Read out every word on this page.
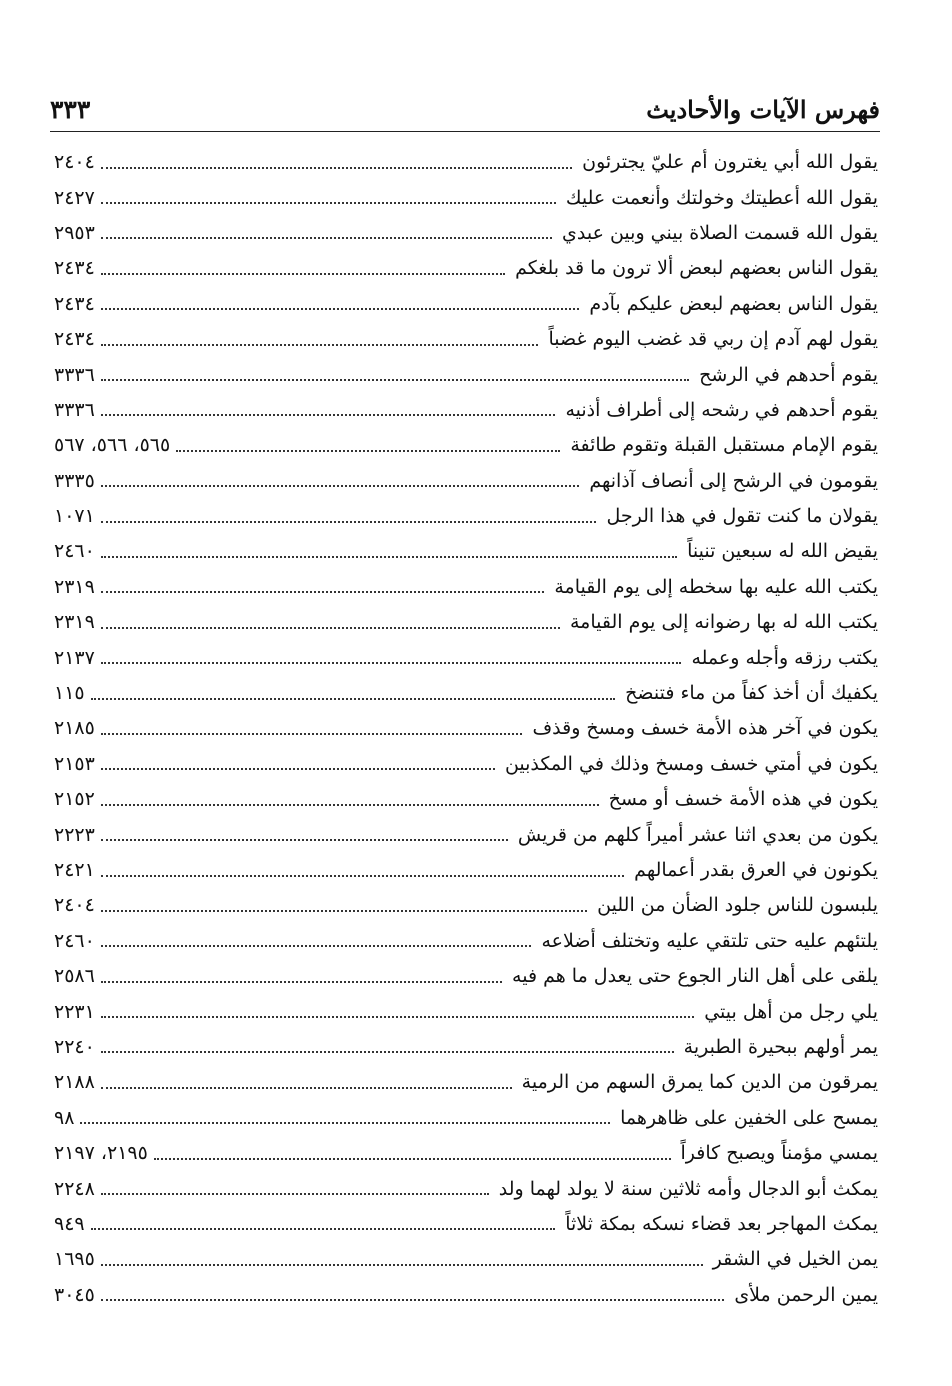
فهرس الآيات والأحاديث
٣٣٣
يقول الله أبي يغترون أم عليّ يجترئون
٢٤٠٤
يقول الله أعطيتك وخولتك وأنعمت عليك
٢٤٢٧
يقول الله قسمت الصلاة بيني وبين عبدي
٢٩٥٣
يقول الناس بعضهم لبعض ألا ترون ما قد بلغكم
٢٤٣٤
يقول الناس بعضهم لبعض عليكم بآدم
٢٤٣٤
يقول لهم آدم إن ربي قد غضب اليوم غضباً
٢٤٣٤
يقوم أحدهم في الرشح
٣٣٣٦
يقوم أحدهم في رشحه إلى أطراف أذنيه
٣٣٣٦
يقوم الإمام مستقبل القبلة وتقوم طائفة
٥٦٥، ٥٦٦، ٥٦٧
يقومون في الرشح إلى أنصاف آذانهم
٣٣٣٥
يقولان ما كنت تقول في هذا الرجل
١٠٧١
يقيض الله له سبعين تنيناً
٢٤٦٠
يكتب الله عليه بها سخطه إلى يوم القيامة
٢٣١٩
يكتب الله له بها رضوانه إلى يوم القيامة
٢٣١٩
يكتب رزقه وأجله وعمله
٢١٣٧
يكفيك أن أخذ كفاً من ماء فتنضخ
١١٥
يكون في آخر هذه الأمة خسف ومسخ وقذف
٢١٨٥
يكون في أمتي خسف ومسخ وذلك في المكذبين
٢١٥٣
يكون في هذه الأمة خسف أو مسخ
٢١٥٢
يكون من بعدي اثنا عشر أميراً كلهم من قريش
٢٢٢٣
يكونون في العرق بقدر أعمالهم
٢٤٢١
يلبسون للناس جلود الضأن من اللين
٢٤٠٤
يلتئهم عليه حتى تلتقي عليه وتختلف أضلاعه
٢٤٦٠
يلقى على أهل النار الجوع حتى يعدل ما هم فيه
٢٥٨٦
يلي رجل من أهل بيتي
٢٢٣١
يمر أولهم ببحيرة الطبرية
٢٢٤٠
يمرقون من الدين كما يمرق السهم من الرمية
٢١٨٨
يمسح على الخفين على ظاهرهما
٩٨
يمسي مؤمناً ويصبح كافراً
٢١٩٥، ٢١٩٧
يمكث أبو الدجال وأمه ثلاثين سنة لا يولد لهما ولد
٢٢٤٨
يمكث المهاجر بعد قضاء نسكه بمكة ثلاثاً
٩٤٩
يمن الخيل في الشقر
١٦٩٥
يمين الرحمن ملأى
٣٠٤٥
